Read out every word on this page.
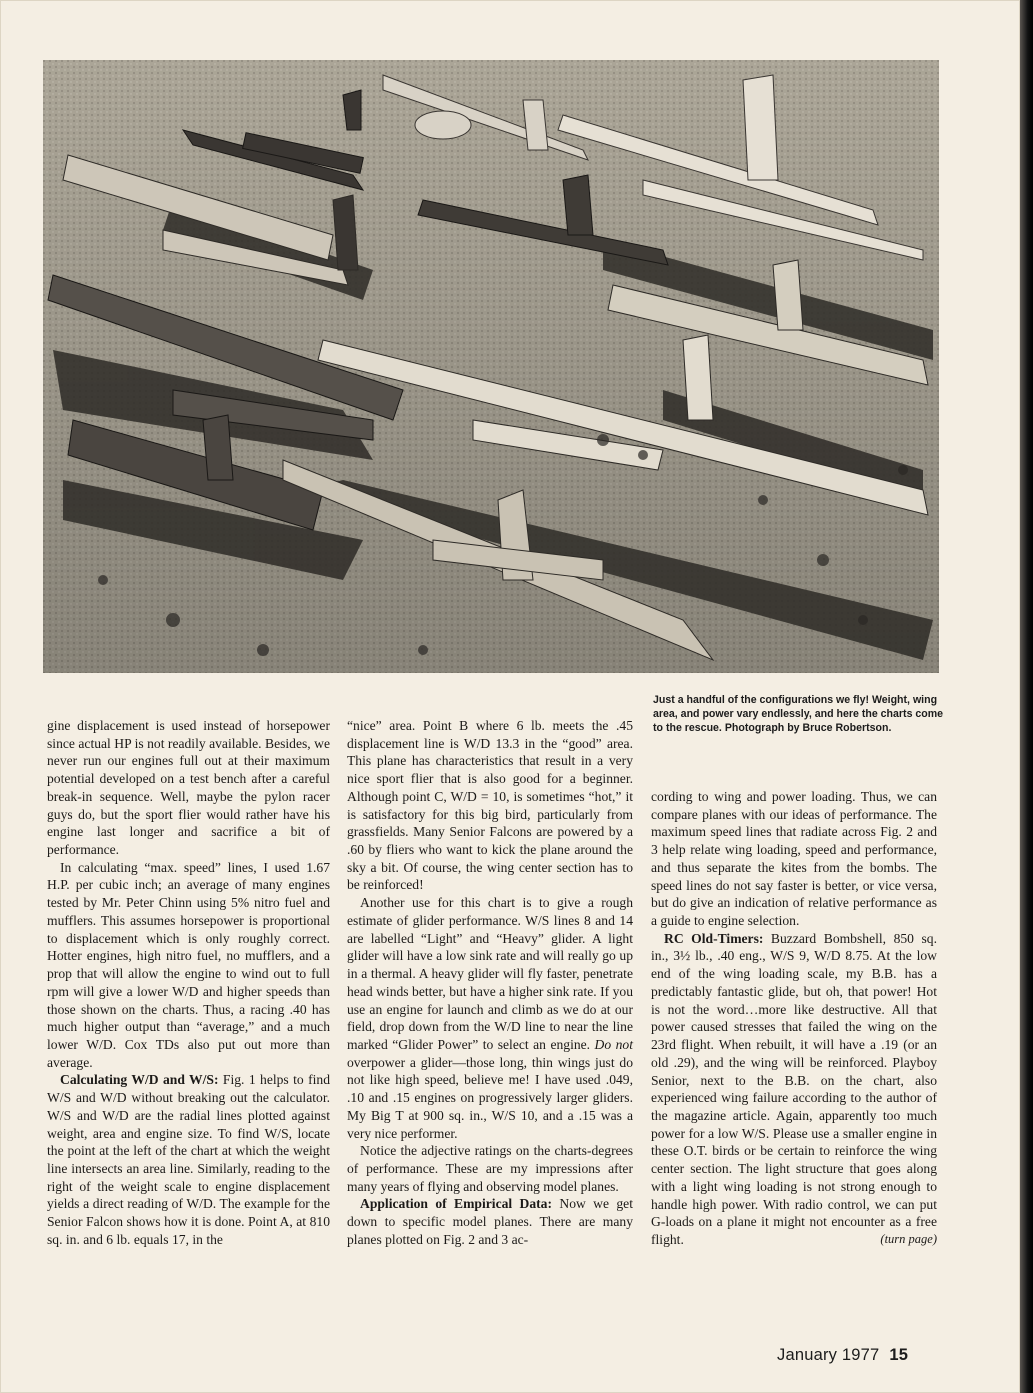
Just a handful of the configurations we fly! Weight, wing area, and power vary endlessly, and here the charts come to the rescue. Photograph by Bruce Robertson.

gine displacement is used instead of horsepower since actual HP is not readily available. Besides, we never run our engines full out at their maximum potential developed on a test bench after a careful break-in sequence. Well, maybe the pylon racer guys do, but the sport flier would rather have his engine last longer and sacrifice a bit of performance.

In calculating “max. speed” lines, I used 1.67 H.P. per cubic inch; an average of many engines tested by Mr. Peter Chinn using 5% nitro fuel and mufflers. This assumes horsepower is proportional to displacement which is only roughly correct. Hotter engines, high nitro fuel, no mufflers, and a prop that will allow the engine to wind out to full rpm will give a lower W/D and higher speeds than those shown on the charts. Thus, a racing .40 has much higher output than “average,” and a much lower W/D. Cox TDs also put out more than average.

Calculating W/D and W/S: Fig. 1 helps to find W/S and W/D without breaking out the calculator. W/S and W/D are the radial lines plotted against weight, area and engine size. To find W/S, locate the point at the left of the chart at which the weight line intersects an area line. Similarly, reading to the right of the weight scale to engine displacement yields a direct reading of W/D. The example for the Senior Falcon shows how it is done. Point A, at 810 sq. in. and 6 lb. equals 17, in the

“nice” area. Point B where 6 lb. meets the .45 displacement line is W/D 13.3 in the “good” area. This plane has characteristics that result in a very nice sport flier that is also good for a beginner. Although point C, W/D = 10, is sometimes “hot,” it is satisfactory for this big bird, particularly from grassfields. Many Senior Falcons are powered by a .60 by fliers who want to kick the plane around the sky a bit. Of course, the wing center section has to be reinforced!

Another use for this chart is to give a rough estimate of glider performance. W/S lines 8 and 14 are labelled “Light” and “Heavy” glider. A light glider will have a low sink rate and will really go up in a thermal. A heavy glider will fly faster, penetrate head winds better, but have a higher sink rate. If you use an engine for launch and climb as we do at our field, drop down from the W/D line to near the line marked “Glider Power” to select an engine. Do not overpower a glider—those long, thin wings just do not like high speed, believe me! I have used .049, .10 and .15 engines on progressively larger gliders. My Big T at 900 sq. in., W/S 10, and a .15 was a very nice performer.

Notice the adjective ratings on the charts-degrees of performance. These are my impressions after many years of flying and observing model planes.

Application of Empirical Data: Now we get down to specific model planes. There are many planes plotted on Fig. 2 and 3 ac-

cording to wing and power loading. Thus, we can compare planes with our ideas of performance. The maximum speed lines that radiate across Fig. 2 and 3 help relate wing loading, speed and performance, and thus separate the kites from the bombs. The speed lines do not say faster is better, or vice versa, but do give an indication of relative performance as a guide to engine selection.

RC Old-Timers: Buzzard Bombshell, 850 sq. in., 3½ lb., .40 eng., W/S 9, W/D 8.75. At the low end of the wing loading scale, my B.B. has a predictably fantastic glide, but oh, that power! Hot is not the word…more like destructive. All that power caused stresses that failed the wing on the 23rd flight. When rebuilt, it will have a .19 (or an old .29), and the wing will be reinforced. Playboy Senior, next to the B.B. on the chart, also experienced wing failure according to the author of the magazine article. Again, apparently too much power for a low W/S. Please use a smaller engine in these O.T. birds or be certain to reinforce the wing center section. The light structure that goes along with a light wing loading is not strong enough to handle high power. With radio control, we can put G-loads on a plane it might not encounter as a free flight.	(turn page)

January 1977 15
